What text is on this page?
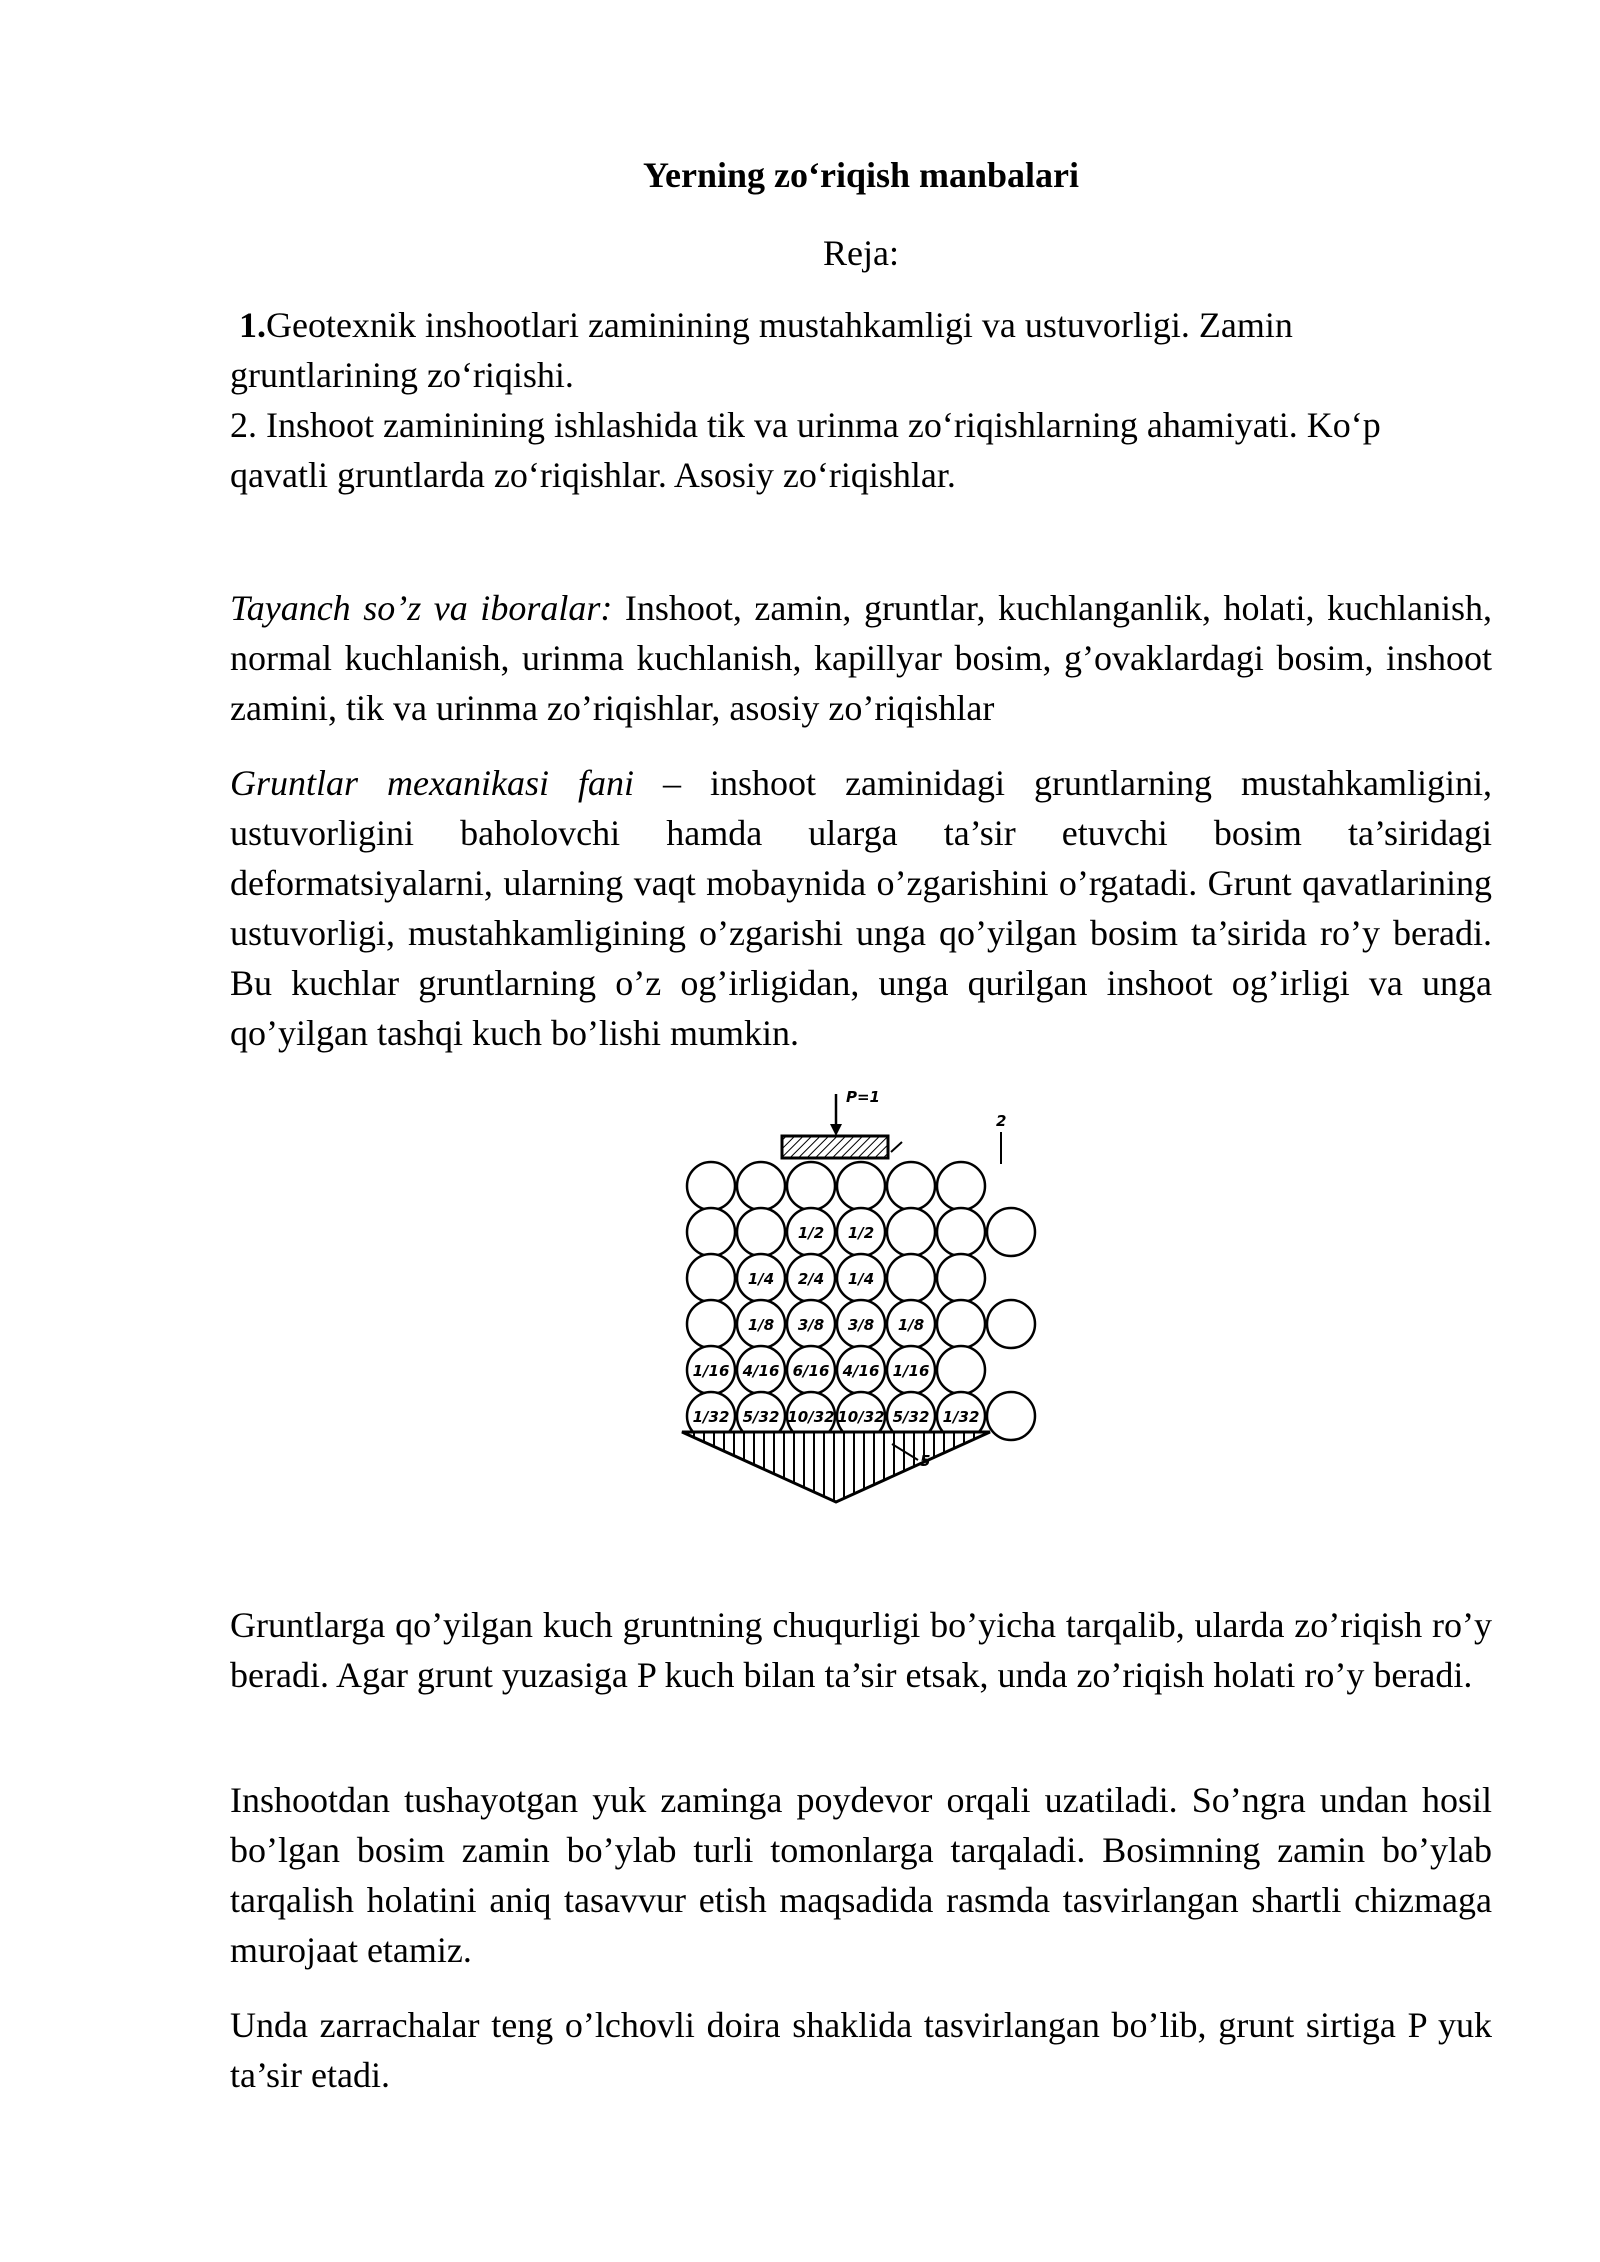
Yerning zo‘riqish manbalari
Reja:

1.Geotexnik inshootlari zaminining mustahkamligi va ustuvorligi. Zamin gruntlarining zo‘riqishi.

2. Inshoot zaminining ishlashida tik va urinma zo‘riqishlarning ahamiyati. Ko‘p qavatli gruntlarda zo‘riqishlar. Asosiy zo‘riqishlar.

Tayanch so’z va iboralar: Inshoot, zamin, gruntlar, kuchlanganlik, holati, kuchlanish, normal kuchlanish, urinma kuchlanish, kapillyar bosim, g’ovaklardagi bosim, inshoot zamini, tik va urinma zo’riqishlar, asosiy zo’riqishlar

Gruntlar mexanikasi fani – inshoot zaminidagi gruntlarning mustahkamligini, ustuvorligini baholovchi hamda ularga ta’sir etuvchi bosim ta’siridagi deformatsiyalarni, ularning vaqt mobaynida o’zgarishini o’rgatadi. Grunt qavatlarining ustuvorligi, mustahkamligining o’zgarishi unga qo’yilgan bosim ta’sirida ro’y beradi. Bu kuchlar gruntlarning o’z og’irligidan, unga qurilgan inshoot og’irligi va unga qo’yilgan tashqi kuch bo’lishi mumkin.

P=1
2
1/2 1/2
1/4 2/4 1/4
1/8 3/8 3/8 1/8
1/16 4/16 6/16 4/16 1/16
1/32 5/32 10/32 10/32 5/32 1/32
5

Gruntlarga qo’yilgan kuch gruntning chuqurligi bo’yicha tarqalib, ularda zo’riqish ro’y beradi. Agar grunt yuzasiga P kuch bilan ta’sir etsak, unda zo’riqish holati ro’y beradi.

Inshootdan tushayotgan yuk zaminga poydevor orqali uzatiladi. So’ngra undan hosil bo’lgan bosim zamin bo’ylab turli tomonlarga tarqaladi. Bosimning zamin bo’ylab tarqalish holatini aniq tasavvur etish maqsadida rasmda tasvirlangan shartli chizmaga murojaat etamiz.

Unda zarrachalar teng o’lchovli doira shaklida tasvirlangan bo’lib, grunt sirtiga P yuk ta’sir etadi.
